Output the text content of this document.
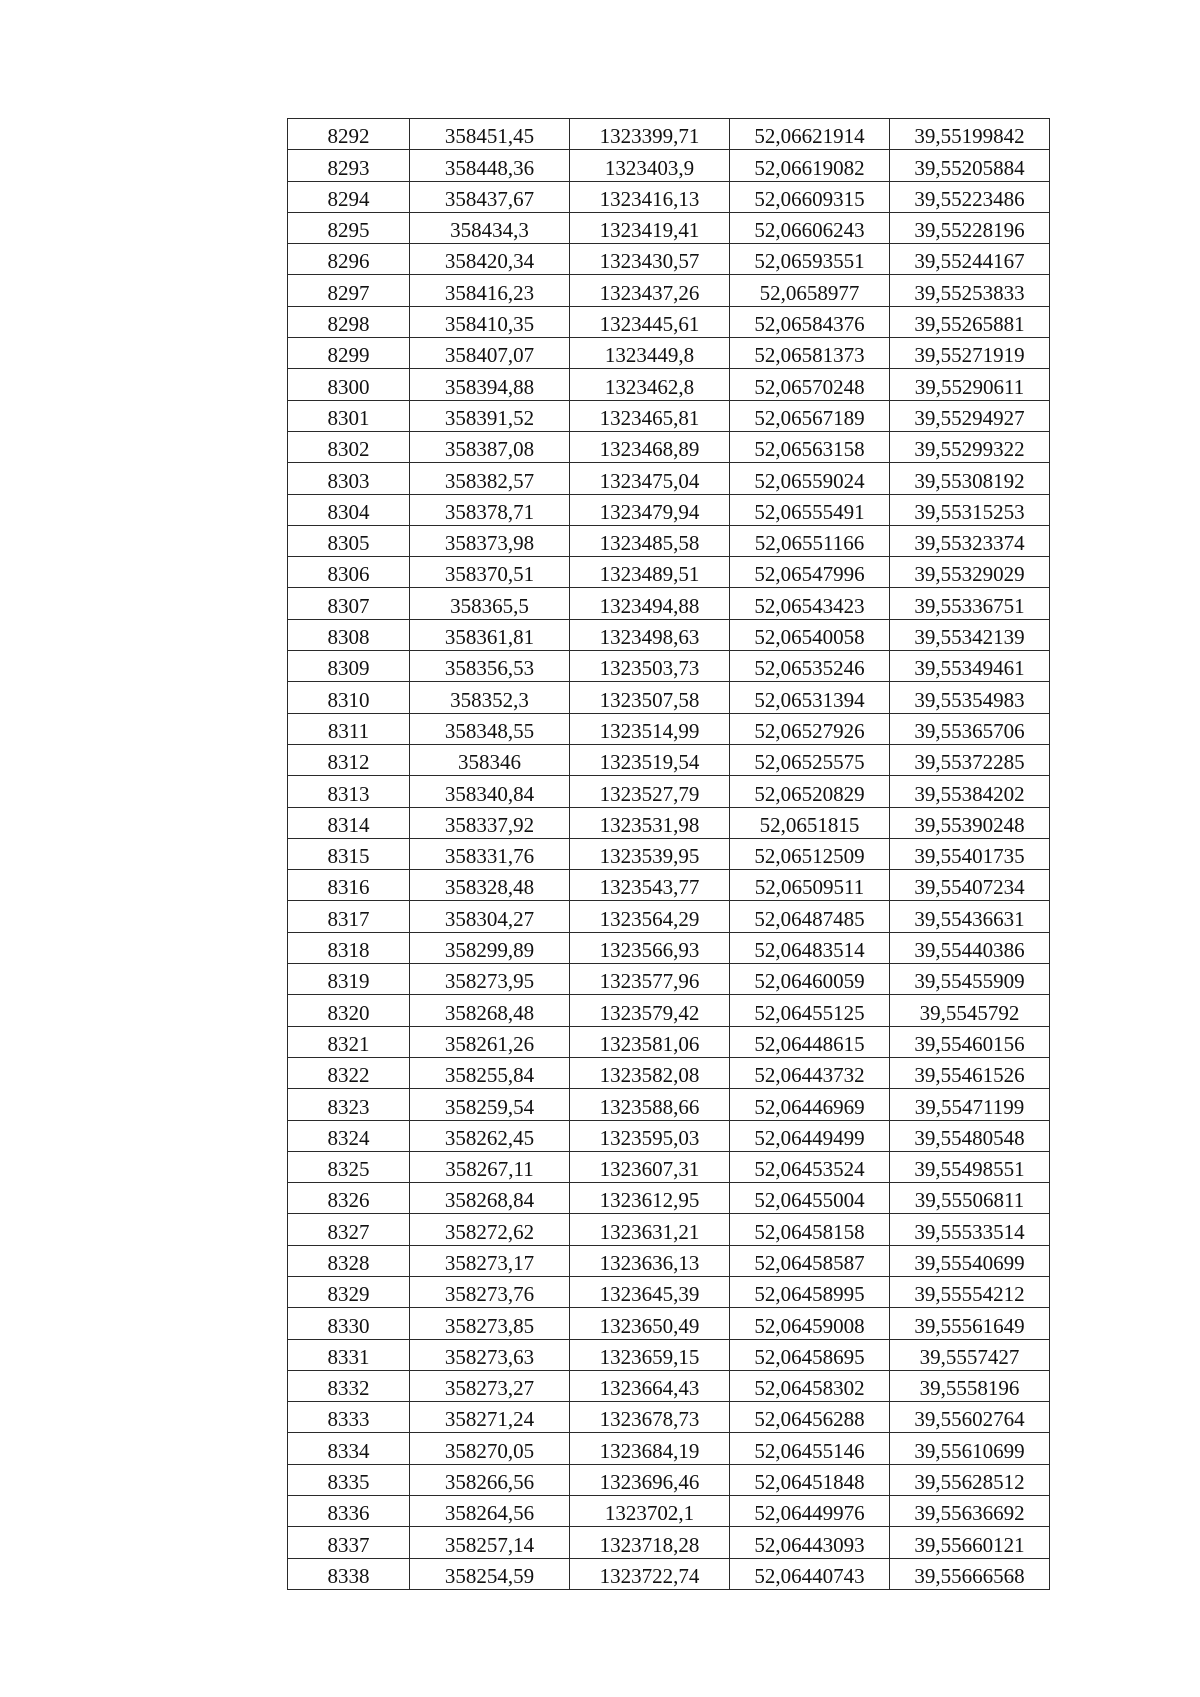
8292	358451,45	1323399,71	52,06621914	39,55199842
8293	358448,36	1323403,9	52,06619082	39,55205884
8294	358437,67	1323416,13	52,06609315	39,55223486
8295	358434,3	1323419,41	52,06606243	39,55228196
8296	358420,34	1323430,57	52,06593551	39,55244167
8297	358416,23	1323437,26	52,0658977	39,55253833
8298	358410,35	1323445,61	52,06584376	39,55265881
8299	358407,07	1323449,8	52,06581373	39,55271919
8300	358394,88	1323462,8	52,06570248	39,55290611
8301	358391,52	1323465,81	52,06567189	39,55294927
8302	358387,08	1323468,89	52,06563158	39,55299322
8303	358382,57	1323475,04	52,06559024	39,55308192
8304	358378,71	1323479,94	52,06555491	39,55315253
8305	358373,98	1323485,58	52,06551166	39,55323374
8306	358370,51	1323489,51	52,06547996	39,55329029
8307	358365,5	1323494,88	52,06543423	39,55336751
8308	358361,81	1323498,63	52,06540058	39,55342139
8309	358356,53	1323503,73	52,06535246	39,55349461
8310	358352,3	1323507,58	52,06531394	39,55354983
8311	358348,55	1323514,99	52,06527926	39,55365706
8312	358346	1323519,54	52,06525575	39,55372285
8313	358340,84	1323527,79	52,06520829	39,55384202
8314	358337,92	1323531,98	52,0651815	39,55390248
8315	358331,76	1323539,95	52,06512509	39,55401735
8316	358328,48	1323543,77	52,06509511	39,55407234
8317	358304,27	1323564,29	52,06487485	39,55436631
8318	358299,89	1323566,93	52,06483514	39,55440386
8319	358273,95	1323577,96	52,06460059	39,55455909
8320	358268,48	1323579,42	52,06455125	39,5545792
8321	358261,26	1323581,06	52,06448615	39,55460156
8322	358255,84	1323582,08	52,06443732	39,55461526
8323	358259,54	1323588,66	52,06446969	39,55471199
8324	358262,45	1323595,03	52,06449499	39,55480548
8325	358267,11	1323607,31	52,06453524	39,55498551
8326	358268,84	1323612,95	52,06455004	39,55506811
8327	358272,62	1323631,21	52,06458158	39,55533514
8328	358273,17	1323636,13	52,06458587	39,55540699
8329	358273,76	1323645,39	52,06458995	39,55554212
8330	358273,85	1323650,49	52,06459008	39,55561649
8331	358273,63	1323659,15	52,06458695	39,5557427
8332	358273,27	1323664,43	52,06458302	39,5558196
8333	358271,24	1323678,73	52,06456288	39,55602764
8334	358270,05	1323684,19	52,06455146	39,55610699
8335	358266,56	1323696,46	52,06451848	39,55628512
8336	358264,56	1323702,1	52,06449976	39,55636692
8337	358257,14	1323718,28	52,06443093	39,55660121
8338	358254,59	1323722,74	52,06440743	39,55666568
